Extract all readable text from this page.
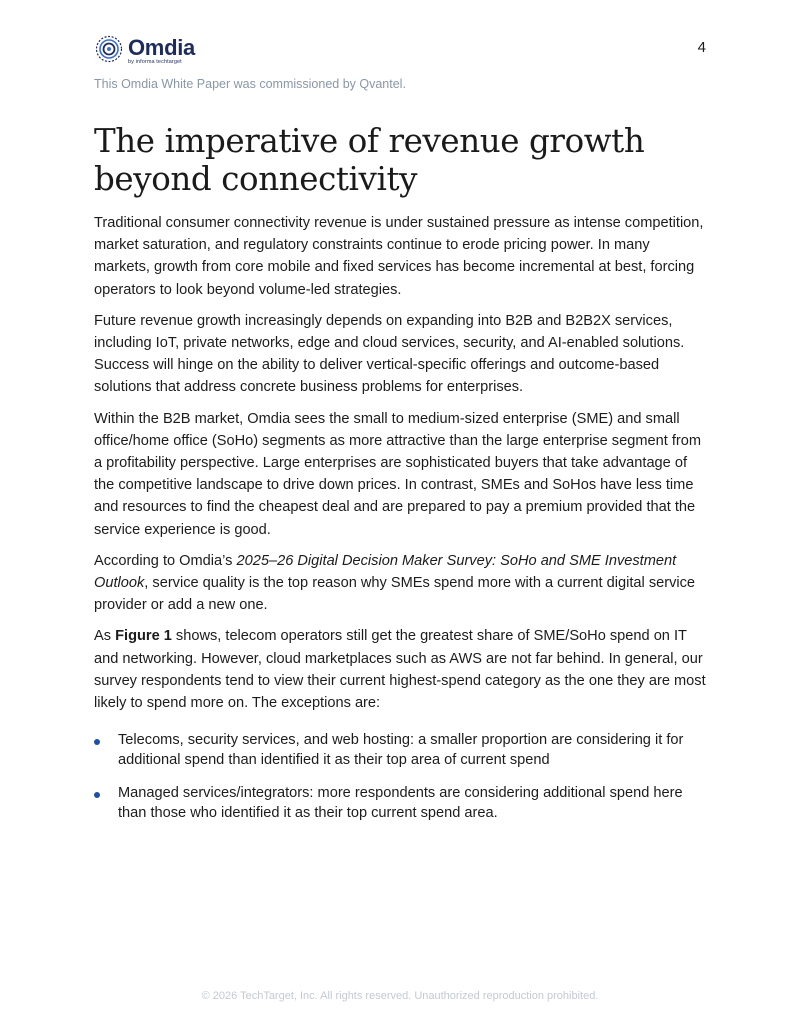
Omdia
by informa techtarget
4
This Omdia White Paper was commissioned by Qvantel.
The imperative of revenue growth beyond connectivity

Traditional consumer connectivity revenue is under sustained pressure as intense competition, market saturation, and regulatory constraints continue to erode pricing power. In many markets, growth from core mobile and fixed services has become incremental at best, forcing operators to look beyond volume-led strategies.

Future revenue growth increasingly depends on expanding into B2B and B2B2X services, including IoT, private networks, edge and cloud services, security, and AI-enabled solutions. Success will hinge on the ability to deliver vertical-specific offerings and outcome-based solutions that address concrete business problems for enterprises.

Within the B2B market, Omdia sees the small to medium-sized enterprise (SME) and small office/home office (SoHo) segments as more attractive than the large enterprise segment from a profitability perspective. Large enterprises are sophisticated buyers that take advantage of the competitive landscape to drive down prices. In contrast, SMEs and SoHos have less time and resources to find the cheapest deal and are prepared to pay a premium provided that the service experience is good.

According to Omdia’s 2025–26 Digital Decision Maker Survey: SoHo and SME Investment Outlook, service quality is the top reason why SMEs spend more with a current digital service provider or add a new one.

As Figure 1 shows, telecom operators still get the greatest share of SME/SoHo spend on IT and networking. However, cloud marketplaces such as AWS are not far behind. In general, our survey respondents tend to view their current highest-spend category as the one they are most likely to spend more on. The exceptions are:

Telecoms, security services, and web hosting: a smaller proportion are considering it for additional spend than identified it as their top area of current spend
Managed services/integrators: more respondents are considering additional spend here than those who identified it as their top current spend area.
© 2026 TechTarget, Inc. All rights reserved. Unauthorized reproduction prohibited.
